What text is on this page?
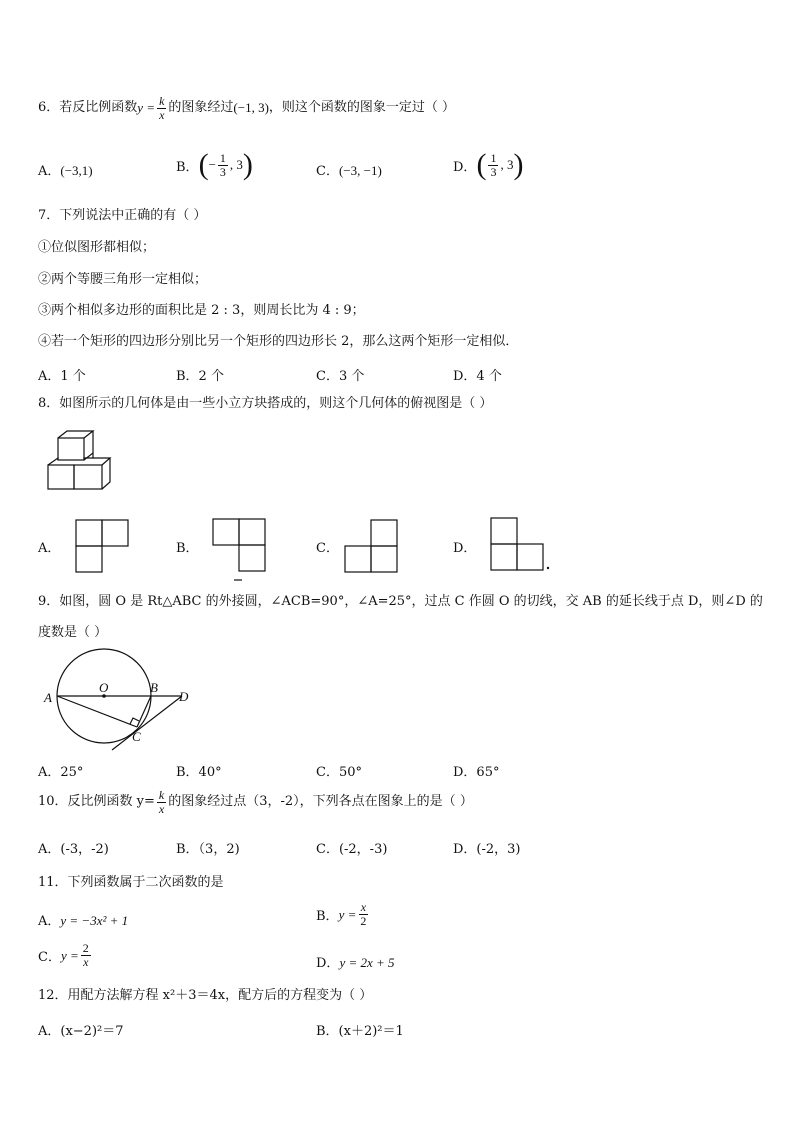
6．若反比例函数 $y = \frac{k}{x}$ 的图象经过 (−1, 3) ，则这个函数的图象一定过（ ）
A．(−3,1)	B． ( − $\frac{1}{3}$ , 3 )	C．(−3, −1)	D． ( $\frac{1}{3}$ , 3 )
7．下列说法中正确的有（ ）
①位似图形都相似；
②两个等腰三角形一定相似；
③两个相似多边形的面积比是 2 : 3，则周长比为 4 : 9；
④若一个矩形的四边形分别比另一个矩形的四边形长 2，那么这两个矩形一定相似．
A．1 个	B．2 个	C．3 个	D．4 个
8．如图所示的几何体是由一些小立方块搭成的，则这个几何体的俯视图是（ ）
A．	B．	C．	D．
9．如图，圆 O 是 Rt△ABC 的外接圆，∠ACB=90°，∠A=25°，过点 C 作圆 O 的切线，交 AB 的延长线于点 D，则∠D 的
度数是（ ）
A
O	B
D
C
A．25°	B．40°	C．50°	D．65°
10．反比例函数 $y= \frac{k}{x}$ 的图象经过点（3，-2），下列各点在图象上的是（ ）
A．(-3，-2)	B．（3，2)	C．(-2，-3)	D．(-2，3)
11．下列函数属于二次函数的是
A．y = −3x² + 1	B． $y = \frac{x}{2}$
C． $y = \frac{2}{x}$	D．y = 2x + 5
12．用配方法解方程 x²＋3＝4x，配方后的方程变为（ ）
A．(x−2)²＝7	B．(x＋2)²＝1
